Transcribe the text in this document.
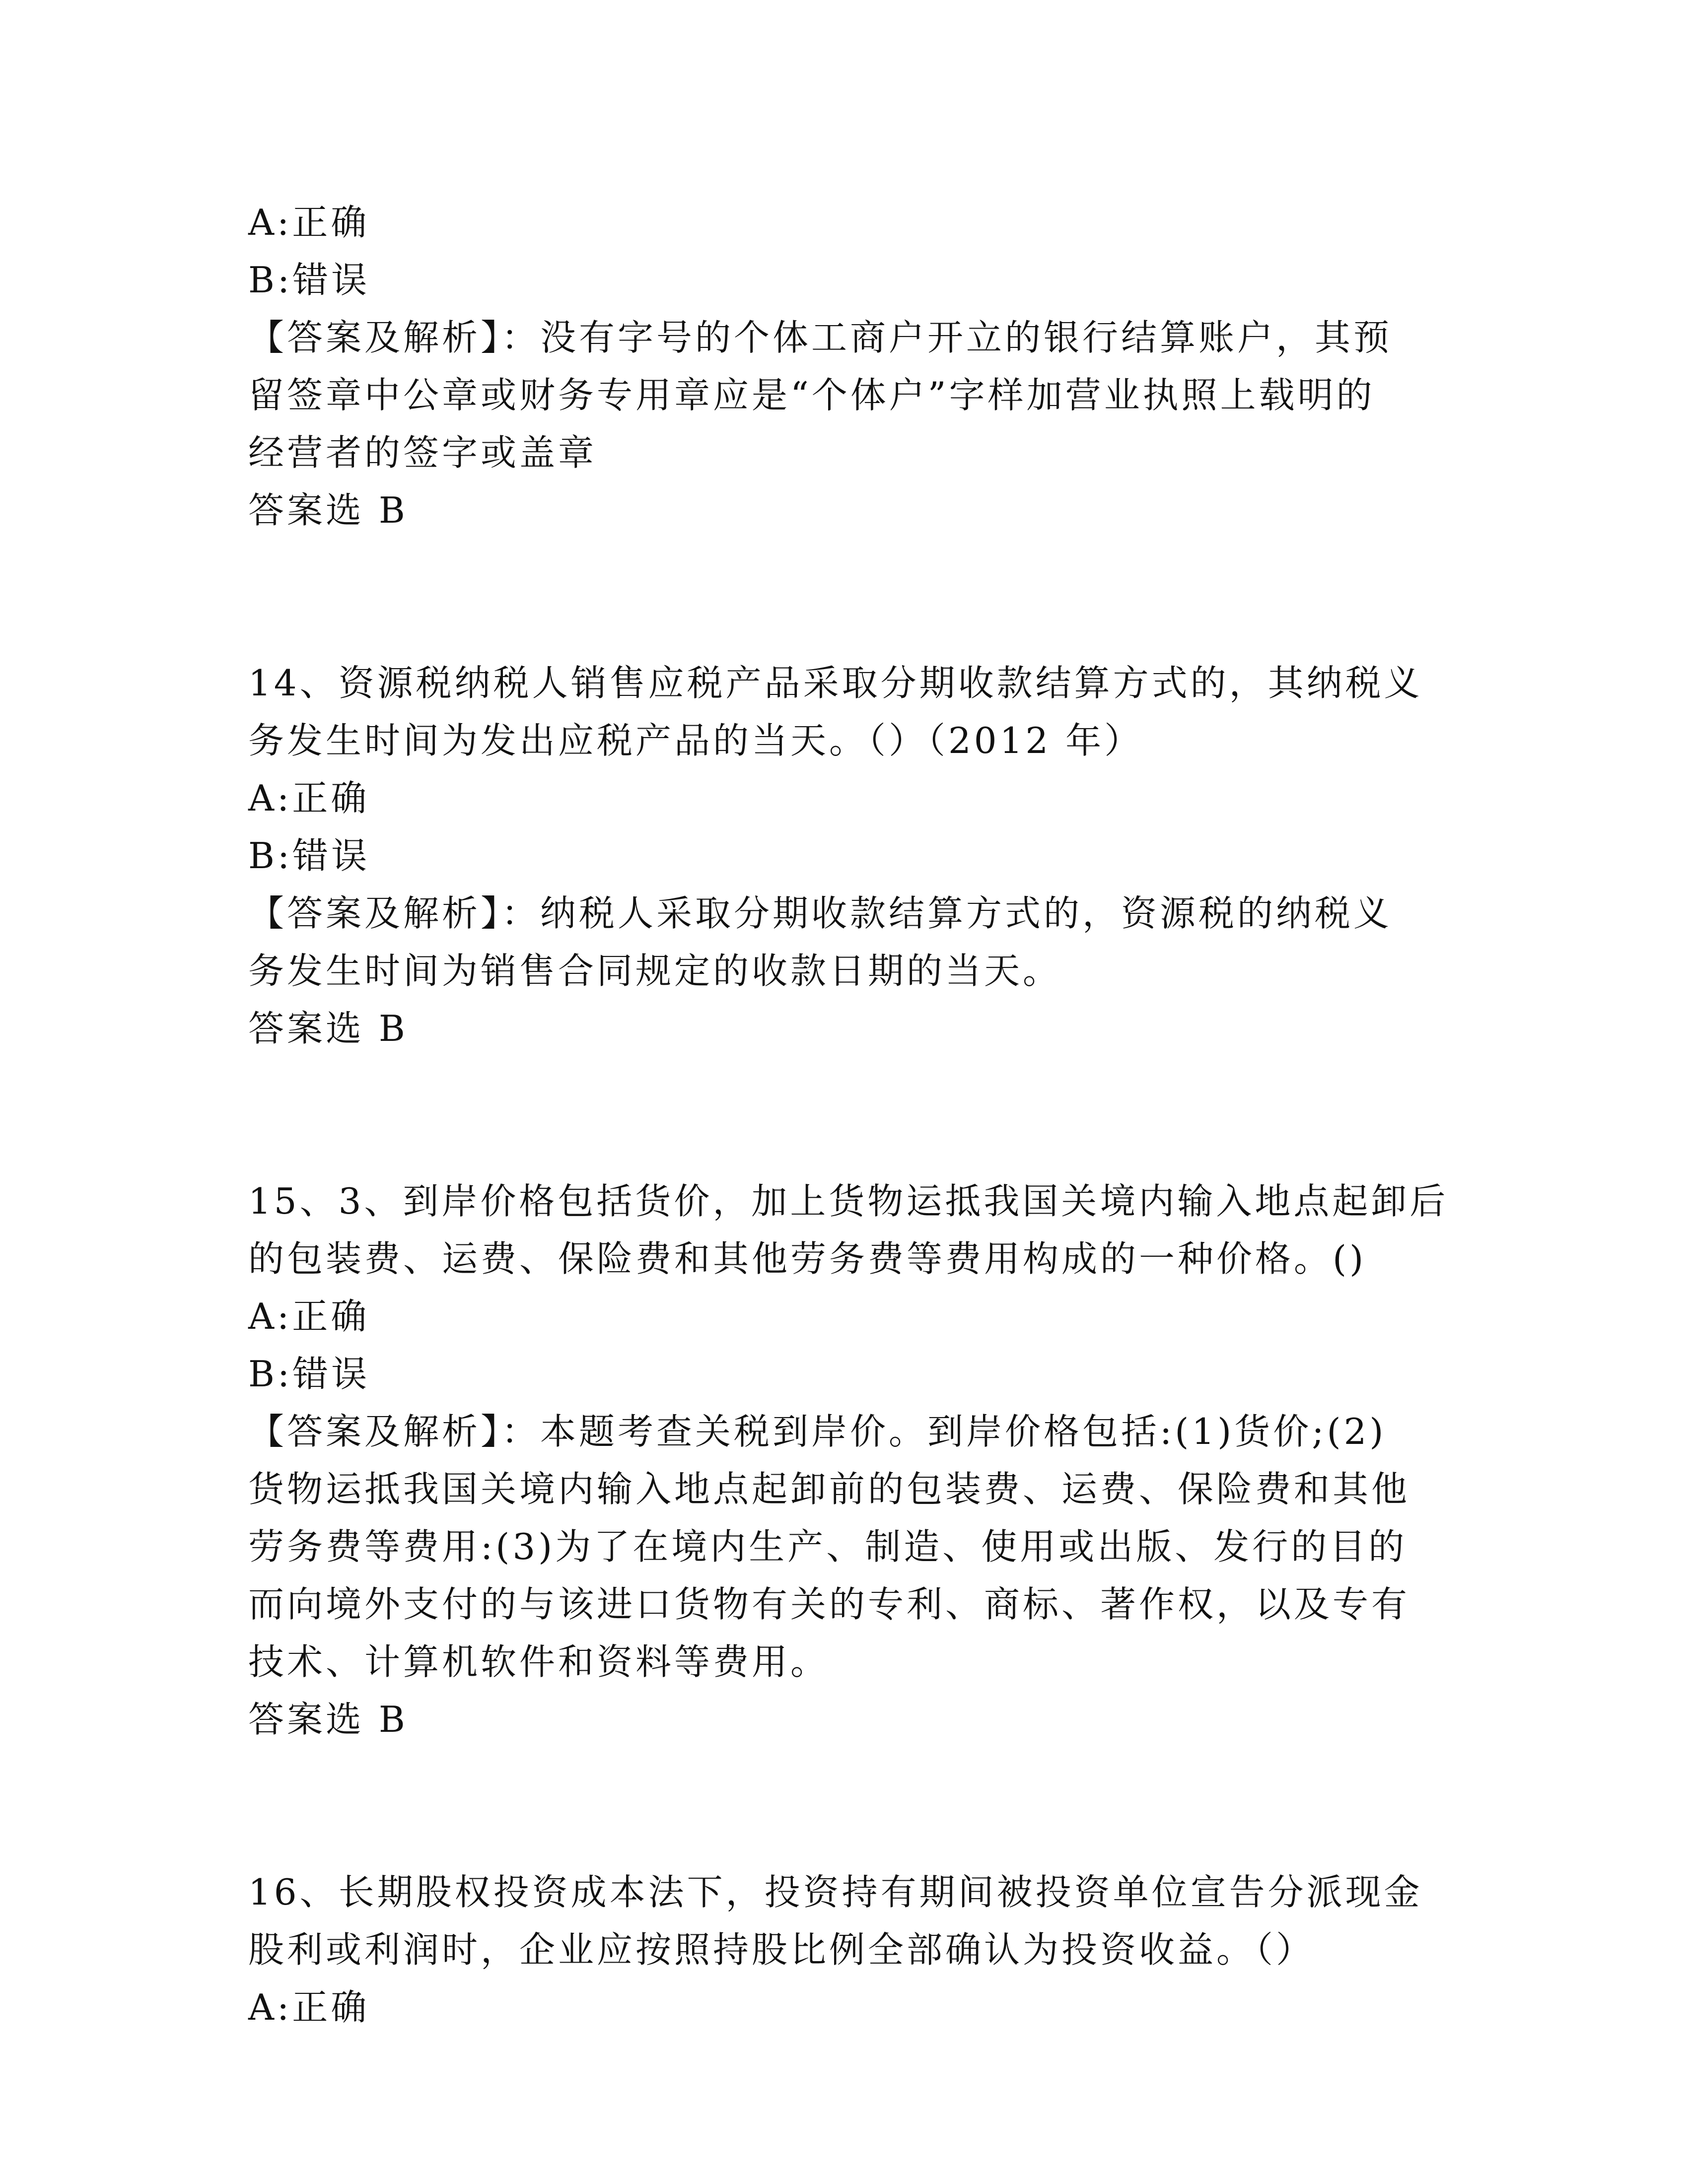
A:正确
B:错误
【答案及解析】：没有字号的个体工商户开立的银行结算账户，其预
留签章中公章或财务专用章应是“个体户”字样加营业执照上载明的
经营者的签字或盖章
答案选 B
14、资源税纳税人销售应税产品采取分期收款结算方式的，其纳税义
务发生时间为发出应税产品的当天。（）（2012 年）
A:正确
B:错误
【答案及解析】：纳税人采取分期收款结算方式的，资源税的纳税义
务发生时间为销售合同规定的收款日期的当天。
答案选 B
15、3、到岸价格包括货价，加上货物运抵我国关境内输入地点起卸后
的包装费、运费、保险费和其他劳务费等费用构成的一种价格。()
A:正确
B:错误
【答案及解析】：本题考查关税到岸价。到岸价格包括:(1)货价;(2)
货物运抵我国关境内输入地点起卸前的包装费、运费、保险费和其他
劳务费等费用:(3)为了在境内生产、制造、使用或出版、发行的目的
而向境外支付的与该进口货物有关的专利、商标、著作权，以及专有
技术、计算机软件和资料等费用。
答案选 B
16、长期股权投资成本法下，投资持有期间被投资单位宣告分派现金
股利或利润时，企业应按照持股比例全部确认为投资收益。（）
A:正确
